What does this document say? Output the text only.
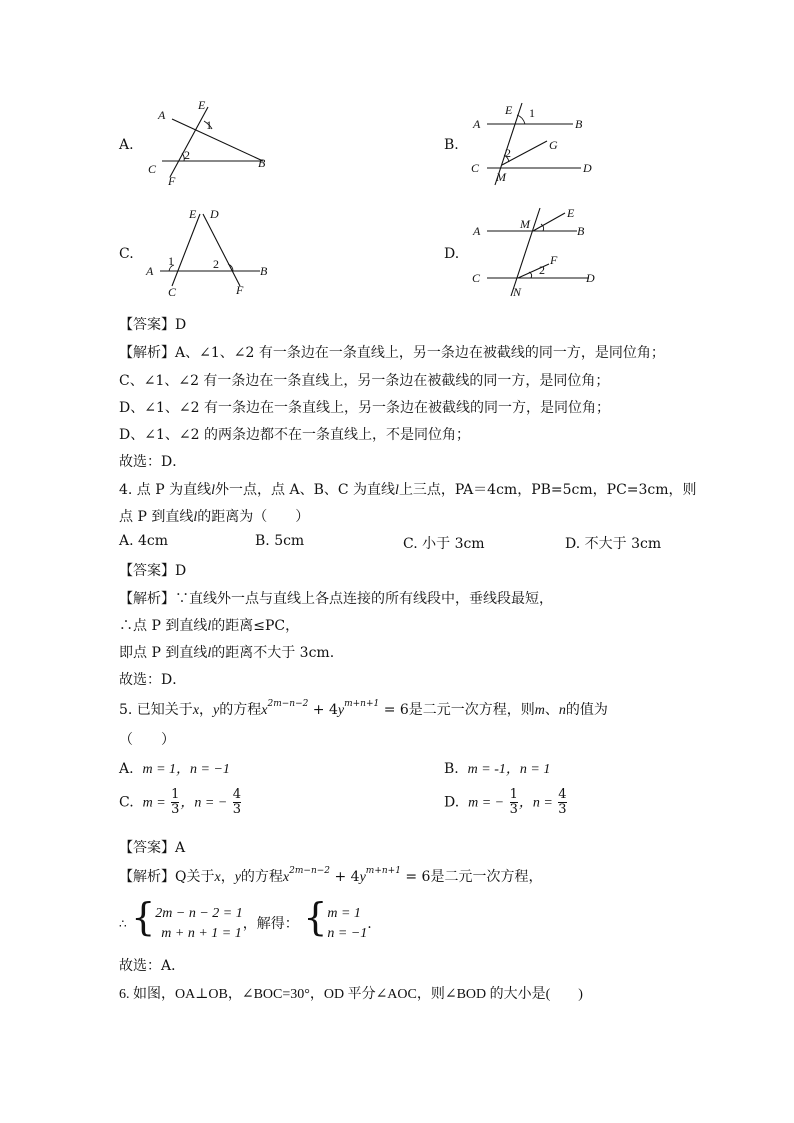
A.
A
E
1
2
C
F
B
B.
E 1
A	B
2
G
C
M
D
C.
E D
1	2
A	B
C	F
D.
M
E
A	B
F
2
C	D
N
【答案】D
【解析】A、∠1、∠2 有一条边在一条直线上，另一条边在被截线的同一方，是同位角；
C、∠1、∠2 有一条边在一条直线上，另一条边在被截线的同一方，是同位角；
D、∠1、∠2 有一条边在一条直线上，另一条边在被截线的同一方，是同位角；
D、∠1、∠2 的两条边都不在一条直线上，不是同位角；
故选：D．
4. 点 P 为直线l外一点，点 A、B、C 为直线l上三点，PA＝4cm，PB=5cm，PC=3cm，则
点 P 到直线l的距离为（　　）
A. 4cm	B. 5cm	C. 小于 3cm	D. 不大于 3cm
【答案】D
【解析】∵直线外一点与直线上各点连接的所有线段中，垂线段最短，
∴点 P 到直线l的距离≤PC，
即点 P 到直线l的距离不大于 3cm.
故选：D．
5. 已知关于x，y的方程$x^{2m-n-2} + 4y^{m+n+1} = 6$是二元一次方程，则m、n的值为
（　　）
A. m = 1，n = −1	B. m = -1，n = 1
C. $m = \frac{1}{3}$ ，n = − $\frac{4}{3}$	D. m = − $\frac{1}{3}$ ，$n = \frac{4}{3}$
【答案】A
【解析】Q关于x，y的方程$x^{2m-n-2} + 4y^{m+n+1} = 6$是二元一次方程，
∴ { 2m − n − 2 = 1
m + n + 1 = 1
，解得： { m = 1
n = −1
.
故选：A．
6. 如图，OA⊥OB，∠BOC=30°，OD 平分∠AOC，则∠BOD 的大小是(　　)
